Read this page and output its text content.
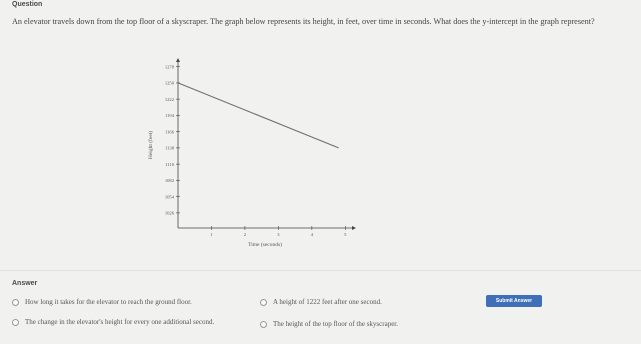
Question
An elevator travels down from the top floor of a skyscraper. The graph below represents its height, in feet, over time in seconds. What does the y-intercept in the graph represent?
1026
1054
1082
1110
1138
1166
1194
1222
1250
1278
1	2	3	4	5
Time (seconds)
Height (feet)
Answer
How long it takes for the elevator to reach the ground floor.
The change in the elevator's height for every one additional second.
A height of 1222 feet after one second.
The height of the top floor of the skyscraper.
Submit Answer
